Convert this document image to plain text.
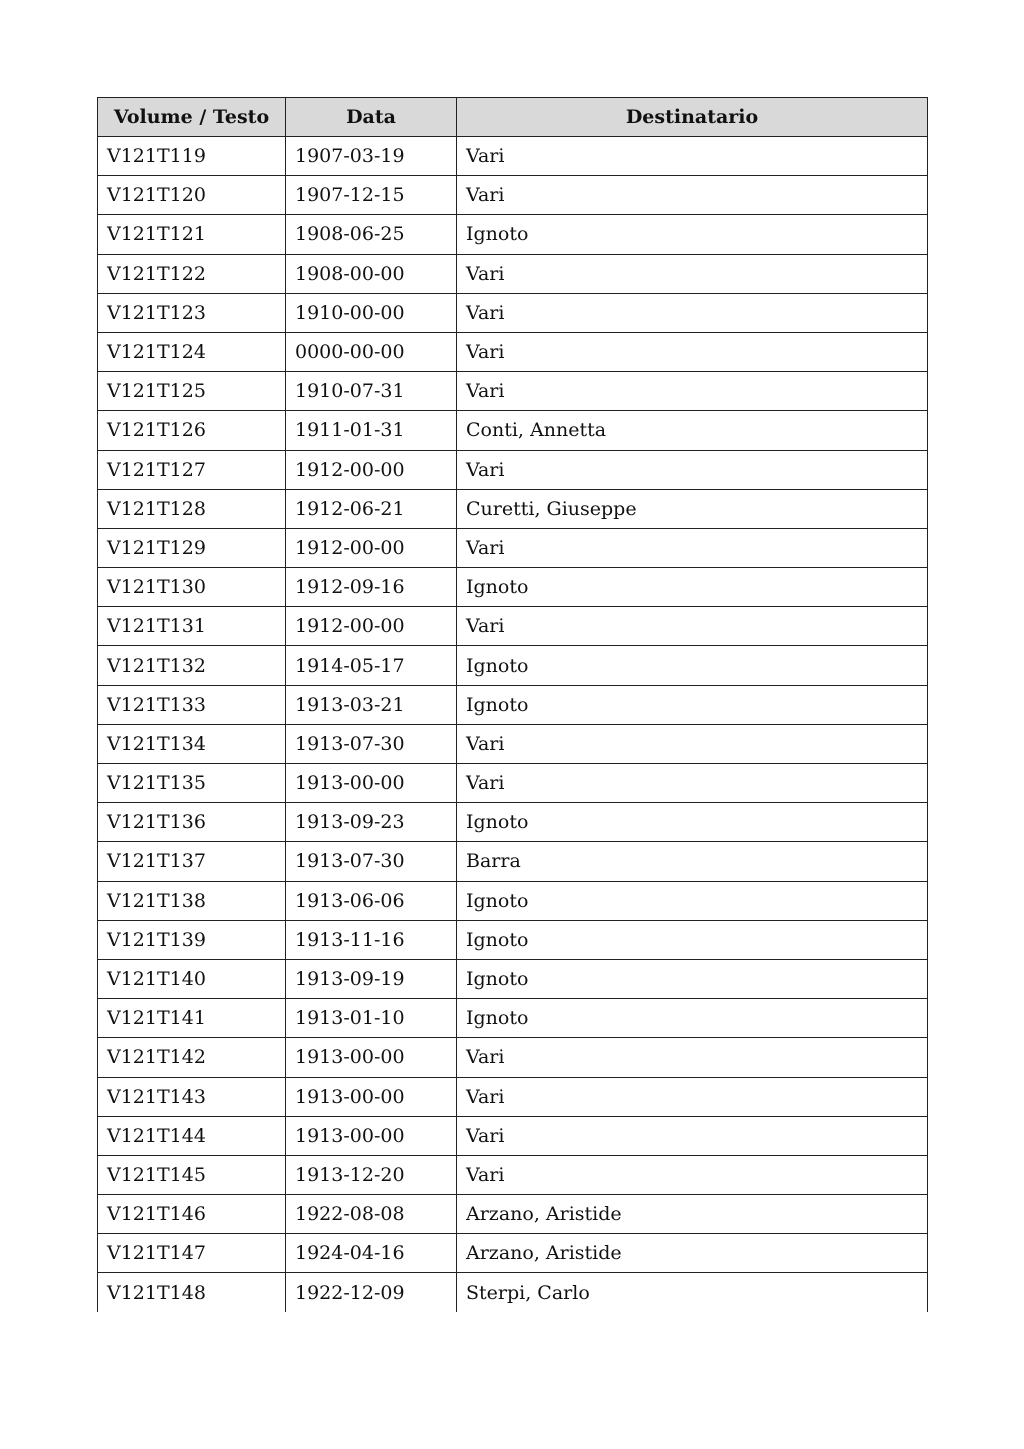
Volume / Testo	Data	Destinatario
V121T119	1907-03-19	Vari
V121T120	1907-12-15	Vari
V121T121	1908-06-25	Ignoto
V121T122	1908-00-00	Vari
V121T123	1910-00-00	Vari
V121T124	0000-00-00	Vari
V121T125	1910-07-31	Vari
V121T126	1911-01-31	Conti, Annetta
V121T127	1912-00-00	Vari
V121T128	1912-06-21	Curetti, Giuseppe
V121T129	1912-00-00	Vari
V121T130	1912-09-16	Ignoto
V121T131	1912-00-00	Vari
V121T132	1914-05-17	Ignoto
V121T133	1913-03-21	Ignoto
V121T134	1913-07-30	Vari
V121T135	1913-00-00	Vari
V121T136	1913-09-23	Ignoto
V121T137	1913-07-30	Barra
V121T138	1913-06-06	Ignoto
V121T139	1913-11-16	Ignoto
V121T140	1913-09-19	Ignoto
V121T141	1913-01-10	Ignoto
V121T142	1913-00-00	Vari
V121T143	1913-00-00	Vari
V121T144	1913-00-00	Vari
V121T145	1913-12-20	Vari
V121T146	1922-08-08	Arzano, Aristide
V121T147	1924-04-16	Arzano, Aristide
V121T148	1922-12-09	Sterpi, Carlo
